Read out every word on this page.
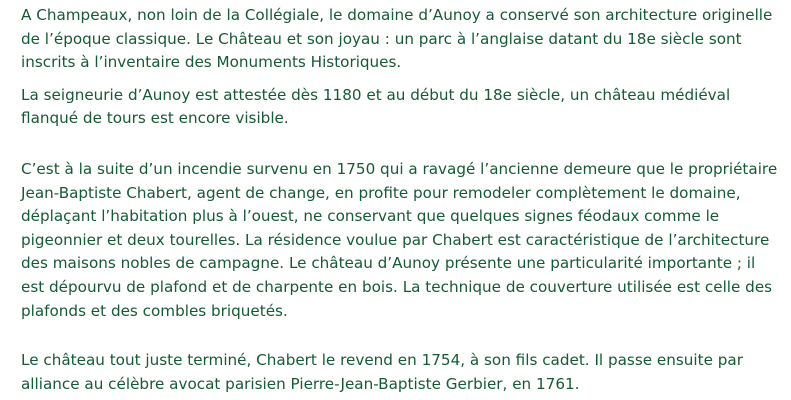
A Champeaux, non loin de la Collégiale, le domaine d’Aunoy a conservé son architecture originelle de l’époque classique. Le Château et son joyau : un parc à l’anglaise datant du 18e siècle sont inscrits à l’inventaire des Monuments Historiques.

La seigneurie d’Aunoy est attestée dès 1180 et au début du 18e siècle, un château médiéval flanqué de tours est encore visible.

C’est à la suite d’un incendie survenu en 1750 qui a ravagé l’ancienne demeure que le propriétaire Jean-Baptiste Chabert, agent de change, en profite pour remodeler complètement le domaine, déplaçant l’habitation plus à l’ouest, ne conservant que quelques signes féodaux comme le pigeonnier et deux tourelles. La résidence voulue par Chabert est caractéristique de l’architecture des maisons nobles de campagne. Le château d’Aunoy présente une particularité importante ; il est dépourvu de plafond et de charpente en bois. La technique de couverture utilisée est celle des plafonds et des combles briquetés.

Le château tout juste terminé, Chabert le revend en 1754, à son fils cadet. Il passe ensuite par alliance au célèbre avocat parisien Pierre-Jean-Baptiste Gerbier, en 1761.
